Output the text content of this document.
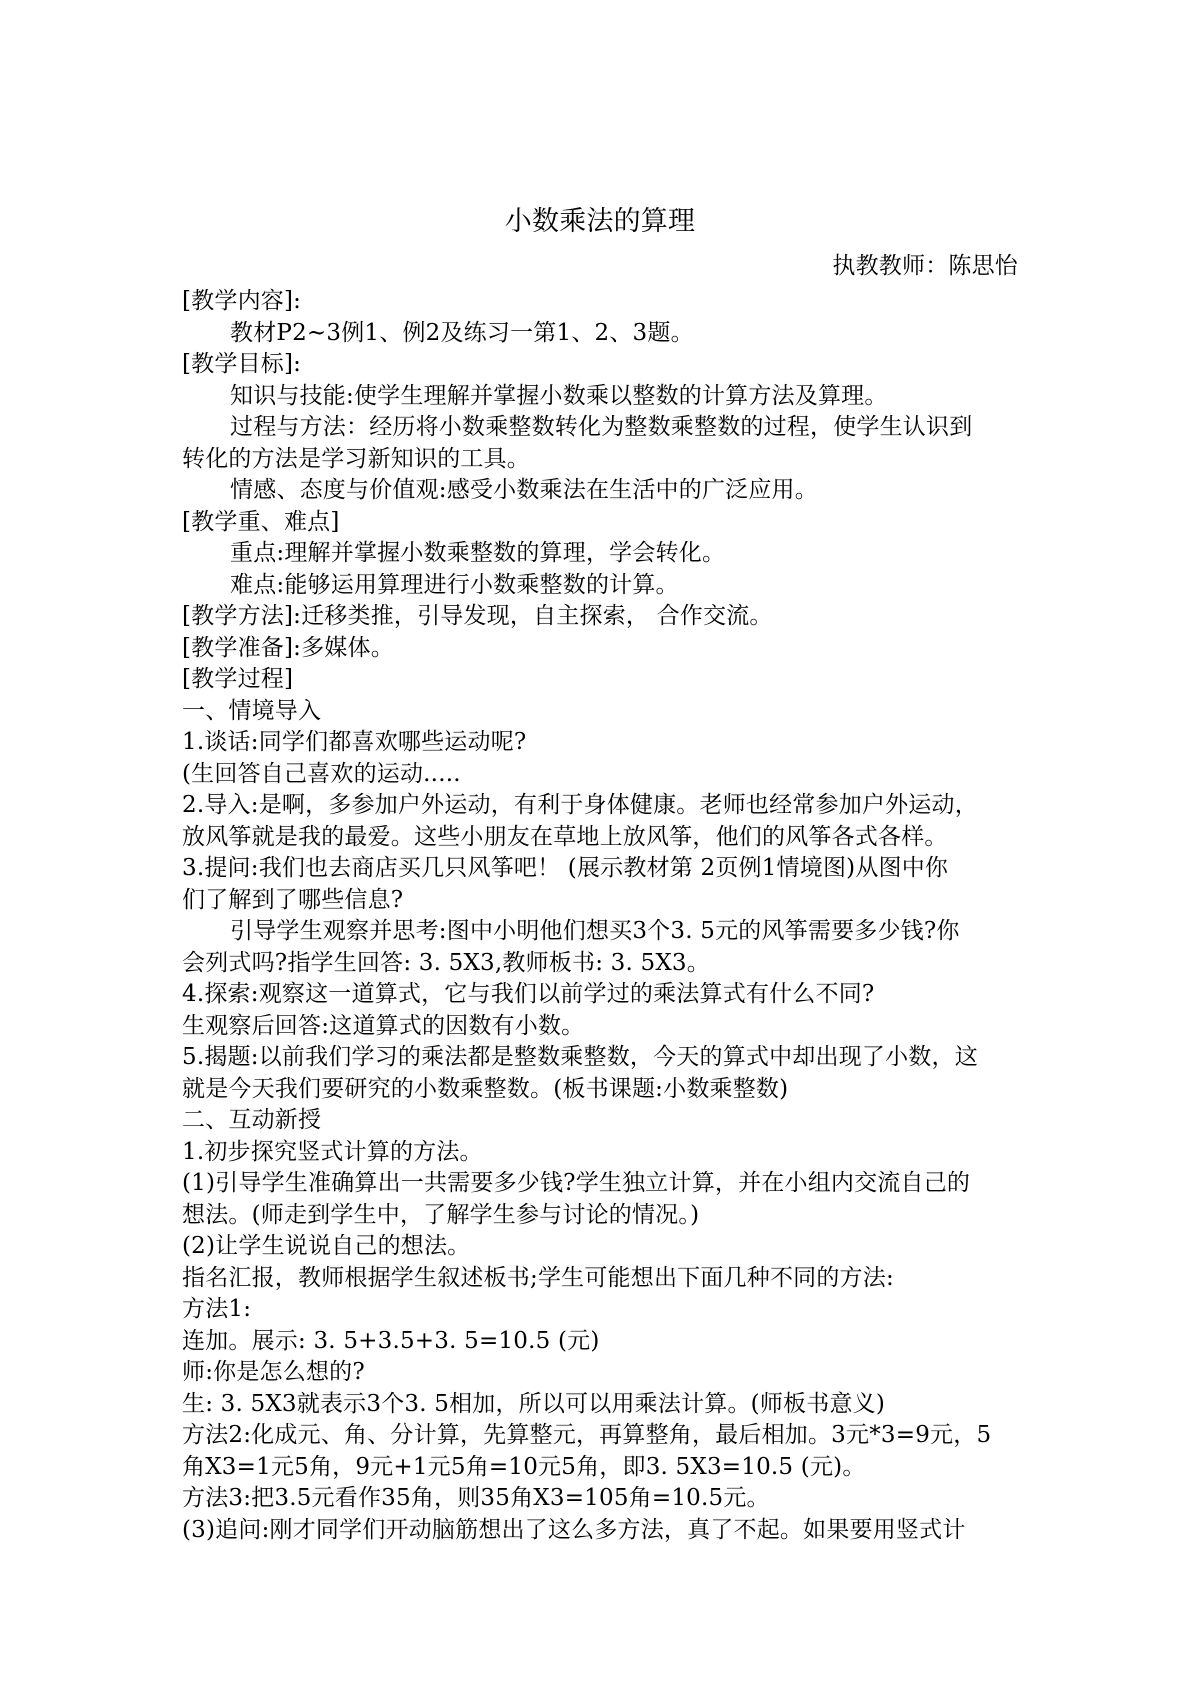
小数乘法的算理
执教教师：陈思怡

[教学内容]:

教材P2~3例1、例2及练习一第1、2、3题。

[教学目标]:

知识与技能:使学生理解并掌握小数乘以整数的计算方法及算理。

过程与方法：经历将小数乘整数转化为整数乘整数的过程，使学生认识到

转化的方法是学习新知识的工具。

情感、态度与价值观:感受小数乘法在生活中的广泛应用。

[教学重、难点]

重点:理解并掌握小数乘整数的算理，学会转化。

难点:能够运用算理进行小数乘整数的计算。

[教学方法]:迁移类推，引导发现，自主探索， 合作交流。

[教学准备]:多媒体。

[教学过程]

一、情境导入

1.谈话:同学们都喜欢哪些运动呢?

(生回答自己喜欢的运动.....

2.导入:是啊，多参加户外运动，有利于身体健康。老师也经常参加户外运动，

放风筝就是我的最爱。这些小朋友在草地上放风筝，他们的风筝各式各样。

3.提问:我们也去商店买几只风筝吧！ (展示教材第 2页例1情境图)从图中你

们了解到了哪些信息?

引导学生观察并思考:图中小明他们想买3个3. 5元的风筝需要多少钱?你

会列式吗?指学生回答: 3. 5X3,教师板书: 3. 5X3。

4.探索:观察这一道算式，它与我们以前学过的乘法算式有什么不同?

生观察后回答:这道算式的因数有小数。

5.揭题:以前我们学习的乘法都是整数乘整数，今天的算式中却出现了小数，这

就是今天我们要研究的小数乘整数。(板书课题:小数乘整数)

二、互动新授

1.初步探究竖式计算的方法。

(1)引导学生准确算出一共需要多少钱?学生独立计算，并在小组内交流自己的

想法。(师走到学生中，了解学生参与讨论的情况。)

(2)让学生说说自己的想法。

指名汇报，教师根据学生叙述板书;学生可能想出下面几种不同的方法:

方法1:

连加。展示: 3. 5+3.5+3. 5=10.5 (元)

师:你是怎么想的?

生: 3. 5X3就表示3个3. 5相加，所以可以用乘法计算。(师板书意义)

方法2:化成元、角、分计算，先算整元，再算整角，最后相加。3元*3=9元，5

角X3=1元5角，9元+1元5角=10元5角，即3. 5X3=10.5 (元)。

方法3:把3.5元看作35角，则35角X3=105角=10.5元。

(3)追问:刚才同学们开动脑筋想出了这么多方法，真了不起。如果要用竖式计
